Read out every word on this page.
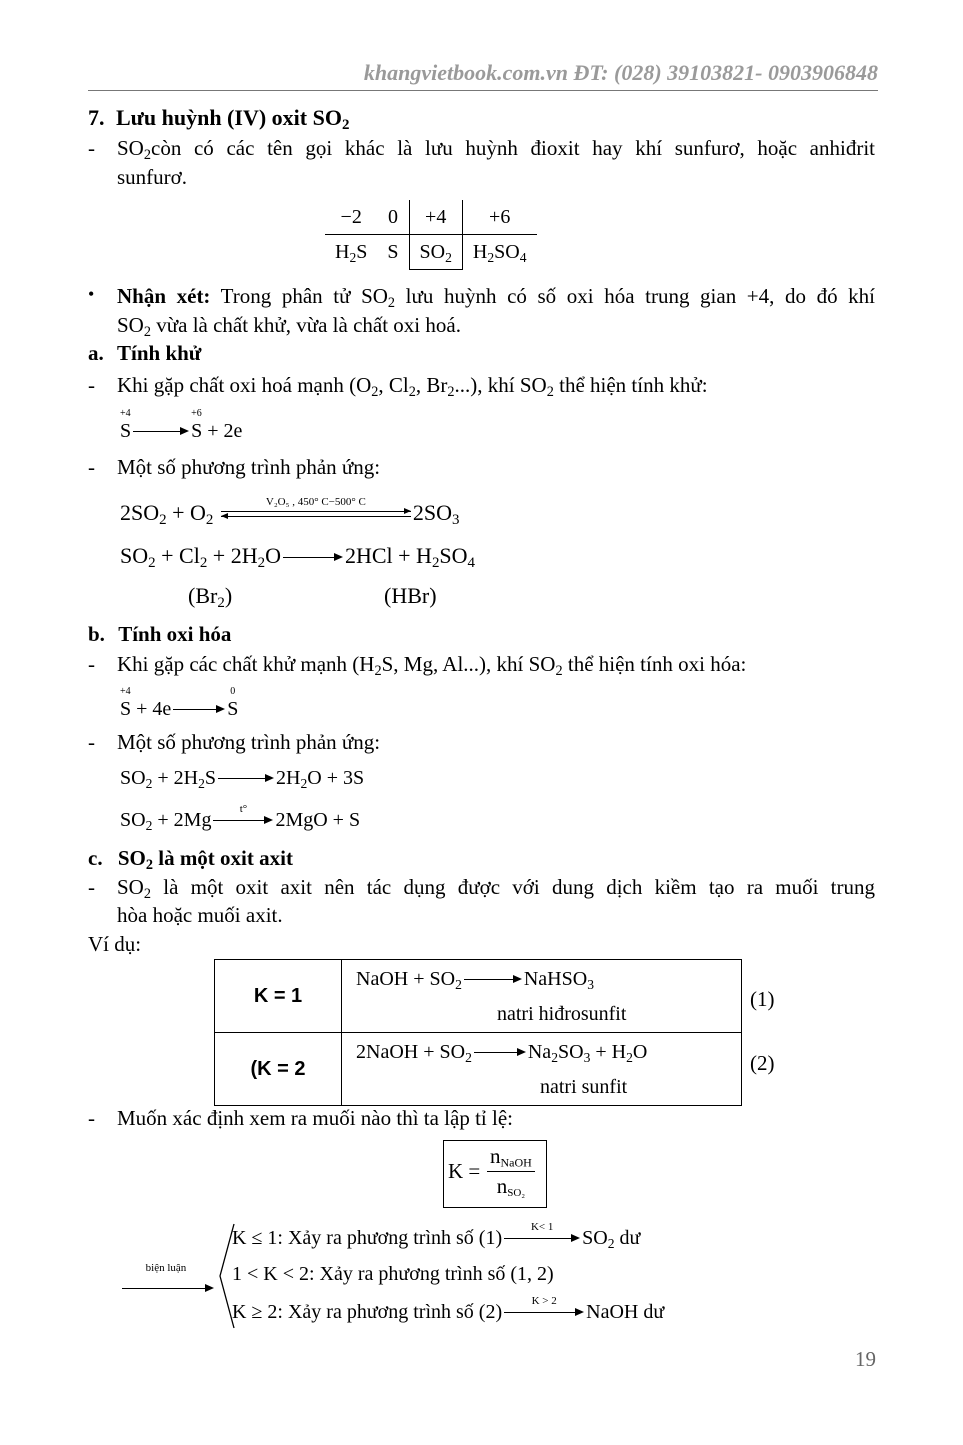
khangvietbook.com.vn ĐT: (028) 39103821- 0903906848
7. Lưu huỳnh (IV) oxit $SO_2$
- $SO_2còn$ có các tên gọi khác là lưu huỳnh đioxit hay khí sunfurơ, hoặc anhiđrit
sunfurơ.
−2	0	+4	+6
$H_2S$	S	$SO_2$	$H_2SO_4$
• Nhận xét: Trong phân tử $SO_2$ lưu huỳnh có số oxi hóa trung gian +4, do đó khí
$SO_2$ vừa là chất khử, vừa là chất oxi hoá.
a. Tính khử
- Khi gặp chất oxi hoá mạnh ($O_2$, $Cl_2$, $Br_2$...), khí $SO_2$ thể hiện tính khử:
+4
S
+6
S + 2e
- Một số phương trình phản ứng:
$2SO_2 + O_2$
V₂O₅ , 450° C−500° C	$2SO_3$
$SO_2 + Cl_2 + 2H_2O$	$2HCl + H_2SO_4$
$(Br_2)$	(HBr)
b. Tính oxi hóa
- Khi gặp các chất khử mạnh ($H_2S$, Mg, Al...), khí $SO_2$ thể hiện tính oxi hóa:
+4
S + 4e
0
S
- Một số phương trình phản ứng:
$SO_2 + 2H_2S$	$2H_2O + 3S$
$SO_2 + 2Mg$	t°	2MgO + S
c. $SO_2$ là một oxit axit
- $SO_2$ là một oxit axit nên tác dụng được với dung dịch kiềm tạo ra muối trung
hòa hoặc muối axit.
Ví dụ:
K = 1	NaOH + $SO_2$ NaHSO$_3$
natri hiđrosunfit

(K = 2	2NaOH + $SO_2$ $Na_2SO_3 + H_2O$
natri sunfit
(1)
(2)
- Muốn xác định xem ra muối nào thì ta lập tỉ lệ:
K =
$n_{NaOH}$
$n_{SO_2}$
biện luận
K ≤ 1: Xảy ra phương trình số (1)	K< 1	$SO_2$ dư
1 < K < 2: Xảy ra phương trình số (1, 2)
K ≥ 2: Xảy ra phương trình số (2)	K > 2	NaOH dư
19
